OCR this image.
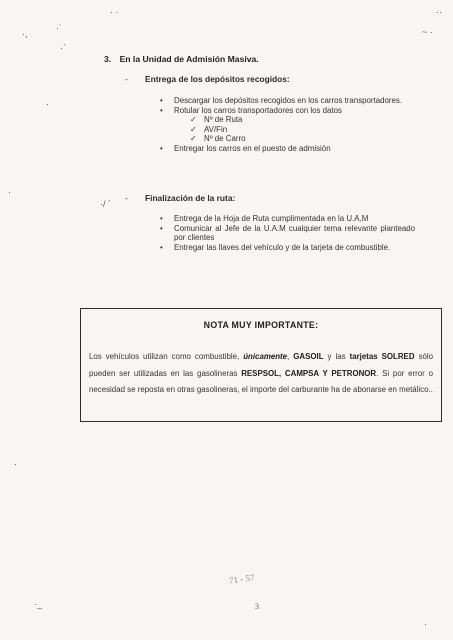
·,
·˙
·`
· ·
·
·
~ ·
··
·/ ´
·
·_
·
3. En la Unidad de Admisión Masiva.
- Entrega de los depósitos recogidos:
• Descargar los depósitos recogidos en los carros transportadores.
• Rotular los carros transportadores con los datos
✓ Nº de Ruta
✓ AV/Fin
✓ Nº de Carro
• Entregar los carros en el puesto de admisión
- Finalización de la ruta:
• Entrega de la Hoja de Ruta cumplimentada en la U.A.M
• Comunicar al Jefe de la U.A.M cualquier tema relevante planteado por clientes
• Entregar las llaves del vehículo y de la tarjeta de combustible.
NOTA MUY IMPORTANTE:
Los vehículos utilizan como combustible, únicamente, GASOIL y las tarjetas SOLRED sólo pueden ser utilizadas en las gasolineras RESPSOL, CAMPSA Y PETRONOR. Si por error o necesidad se reposta en otras gasolineras, el importe del carburante ha de abonarse en metálico..
71 - 57
3
